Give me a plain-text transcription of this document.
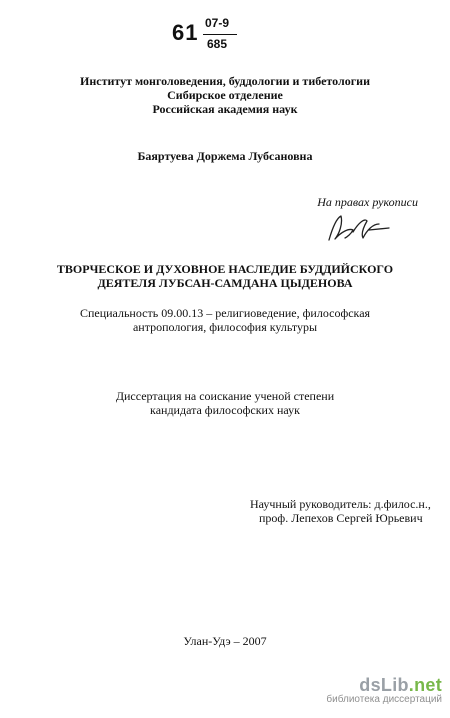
61 07-9
685
Институт монголоведения, буддологии и тибетологии
Сибирское отделение
Российская академия наук
Баяртуева Доржема Лубсановна
На правах рукописи
ТВОРЧЕСКОЕ И ДУХОВНОЕ НАСЛЕДИЕ БУДДИЙСКОГО
ДЕЯТЕЛЯ ЛУБСАН-САМДАНА ЦЫДЕНОВА
Специальность 09.00.13 – религиоведение, философская
антропология, философия культуры
Диссертация на соискание ученой степени
кандидата философских наук
Научный руководитель: д.филос.н.,
проф. Лепехов Сергей Юрьевич
Улан-Удэ – 2007
dsLib.net
библиотека диссертаций
